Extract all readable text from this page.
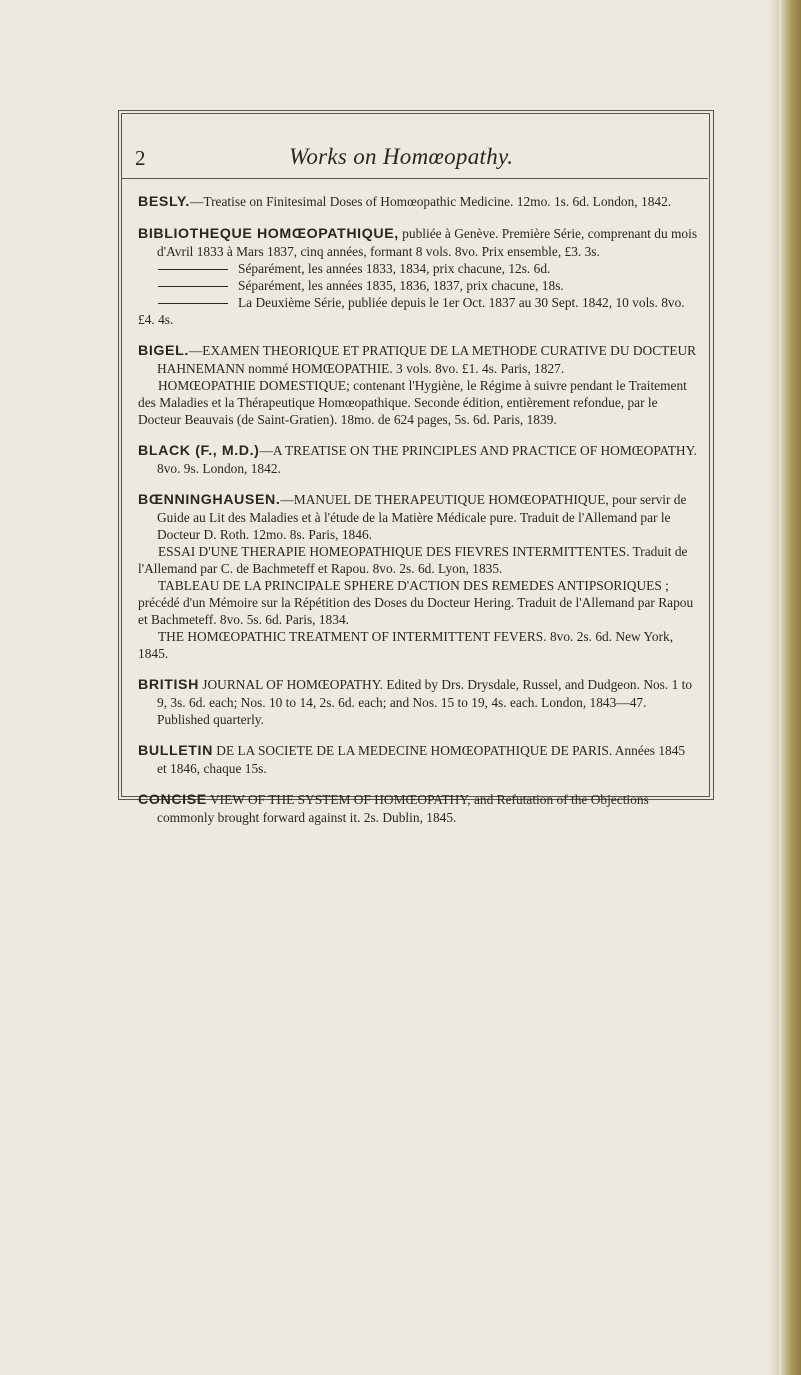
2	Works on Homœopathy.

BESLY.—Treatise on Finitesimal Doses of Homœopathic Medicine. 12mo. 1s. 6d. London, 1842.

BIBLIOTHEQUE HOMŒOPATHIQUE, publiée à Genève. Première Série, comprenant du mois d'Avril 1833 à Mars 1837, cinq années, formant 8 vols. 8vo. Prix ensemble, £3. 3s.

Séparément, les années 1833, 1834, prix chacune, 12s. 6d.

Séparément, les années 1835, 1836, 1837, prix chacune, 18s.

La Deuxième Série, publiée depuis le 1er Oct. 1837 au 30 Sept. 1842, 10 vols. 8vo. £4. 4s.

BIGEL.—EXAMEN THEORIQUE ET PRATIQUE DE LA METHODE CURATIVE DU DOCTEUR HAHNEMANN nommé HOMŒOPATHIE. 3 vols. 8vo. £1. 4s. Paris, 1827.

HOMŒOPATHIE DOMESTIQUE; contenant l'Hygiène, le Régime à suivre pendant le Traitement des Maladies et la Thérapeutique Homœopathique. Seconde édition, entièrement refondue, par le Docteur Beauvais (de Saint-Gratien). 18mo. de 624 pages, 5s. 6d. Paris, 1839.

BLACK (F., M.D.)—A TREATISE ON THE PRINCIPLES AND PRACTICE OF HOMŒOPATHY. 8vo. 9s. London, 1842.

BŒNNINGHAUSEN.—MANUEL DE THERAPEUTIQUE HOMŒOPATHIQUE, pour servir de Guide au Lit des Maladies et à l'étude de la Matière Médicale pure. Traduit de l'Allemand par le Docteur D. Roth. 12mo. 8s. Paris, 1846.

ESSAI D'UNE THERAPIE HOMEOPATHIQUE DES FIEVRES INTERMITTENTES. Traduit de l'Allemand par C. de Bachmeteff et Rapou. 8vo. 2s. 6d. Lyon, 1835.

TABLEAU DE LA PRINCIPALE SPHERE D'ACTION DES REMEDES ANTIPSORIQUES ; précédé d'un Mémoire sur la Répétition des Doses du Docteur Hering. Traduit de l'Allemand par Rapou et Bachmeteff. 8vo. 5s. 6d. Paris, 1834.

THE HOMŒOPATHIC TREATMENT OF INTERMITTENT FEVERS. 8vo. 2s. 6d. New York, 1845.

BRITISH JOURNAL OF HOMŒOPATHY. Edited by Drs. Drysdale, Russel, and Dudgeon. Nos. 1 to 9, 3s. 6d. each; Nos. 10 to 14, 2s. 6d. each; and Nos. 15 to 19, 4s. each. London, 1843—47. Published quarterly.

BULLETIN DE LA SOCIETE DE LA MEDECINE HOMŒOPATHIQUE DE PARIS. Années 1845 et 1846, chaque 15s.

CONCISE VIEW OF THE SYSTEM OF HOMŒOPATHY, and Refutation of the Objections commonly brought forward against it. 2s. Dublin, 1845.
